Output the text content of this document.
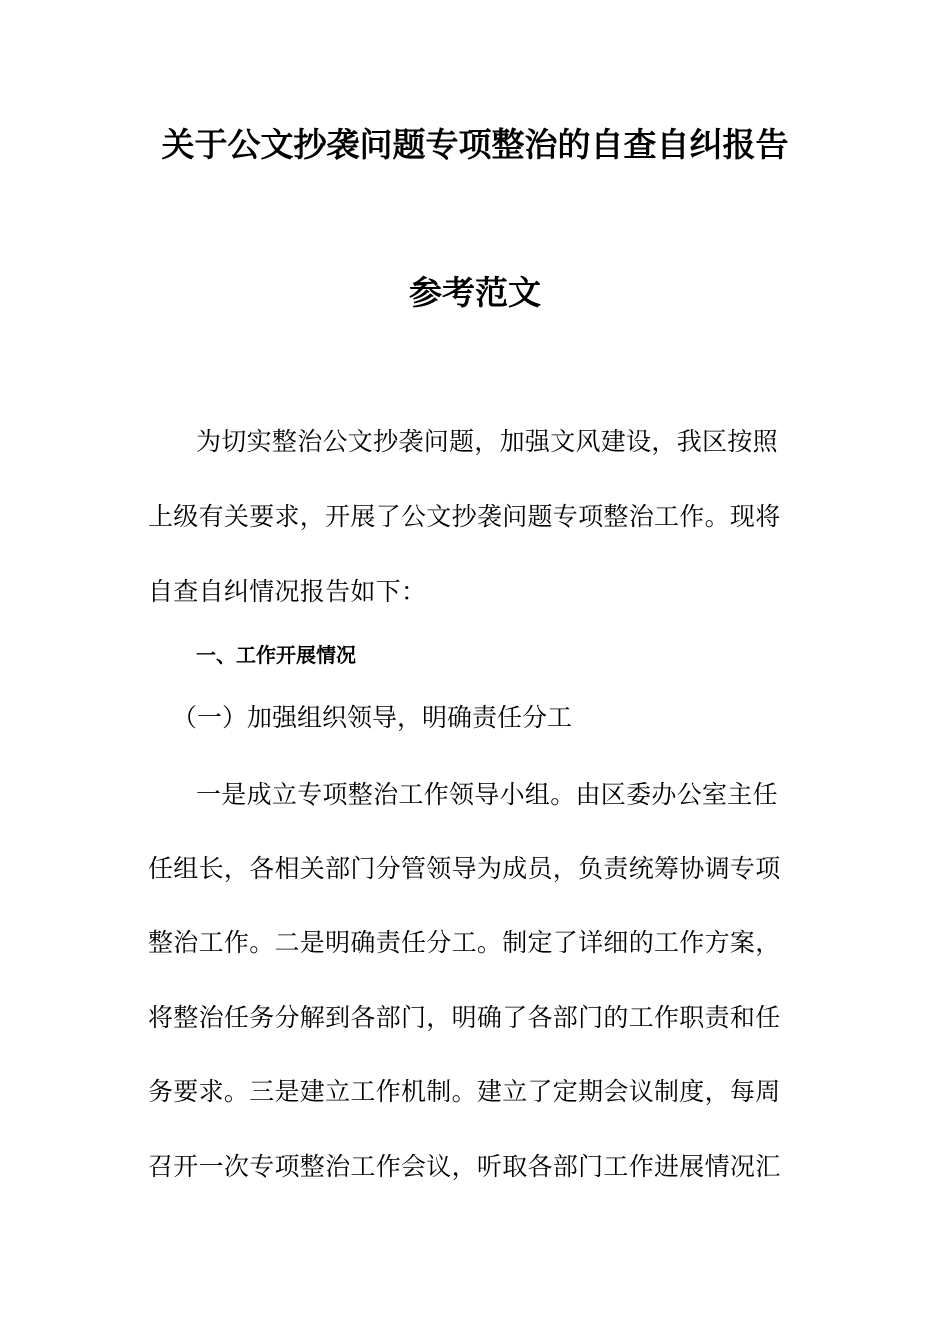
关于公文抄袭问题专项整治的自查自纠报告
参考范文
为切实整治公文抄袭问题，加强文风建设，我区按照
上级有关要求，开展了公文抄袭问题专项整治工作。现将
自查自纠情况报告如下：
一、工作开展情况
（一）加强组织领导，明确责任分工
一是成立专项整治工作领导小组。由区委办公室主任
任组长，各相关部门分管领导为成员，负责统筹协调专项
整治工作。二是明确责任分工。制定了详细的工作方案，
将整治任务分解到各部门，明确了各部门的工作职责和任
务要求。三是建立工作机制。建立了定期会议制度，每周
召开一次专项整治工作会议，听取各部门工作进展情况汇
